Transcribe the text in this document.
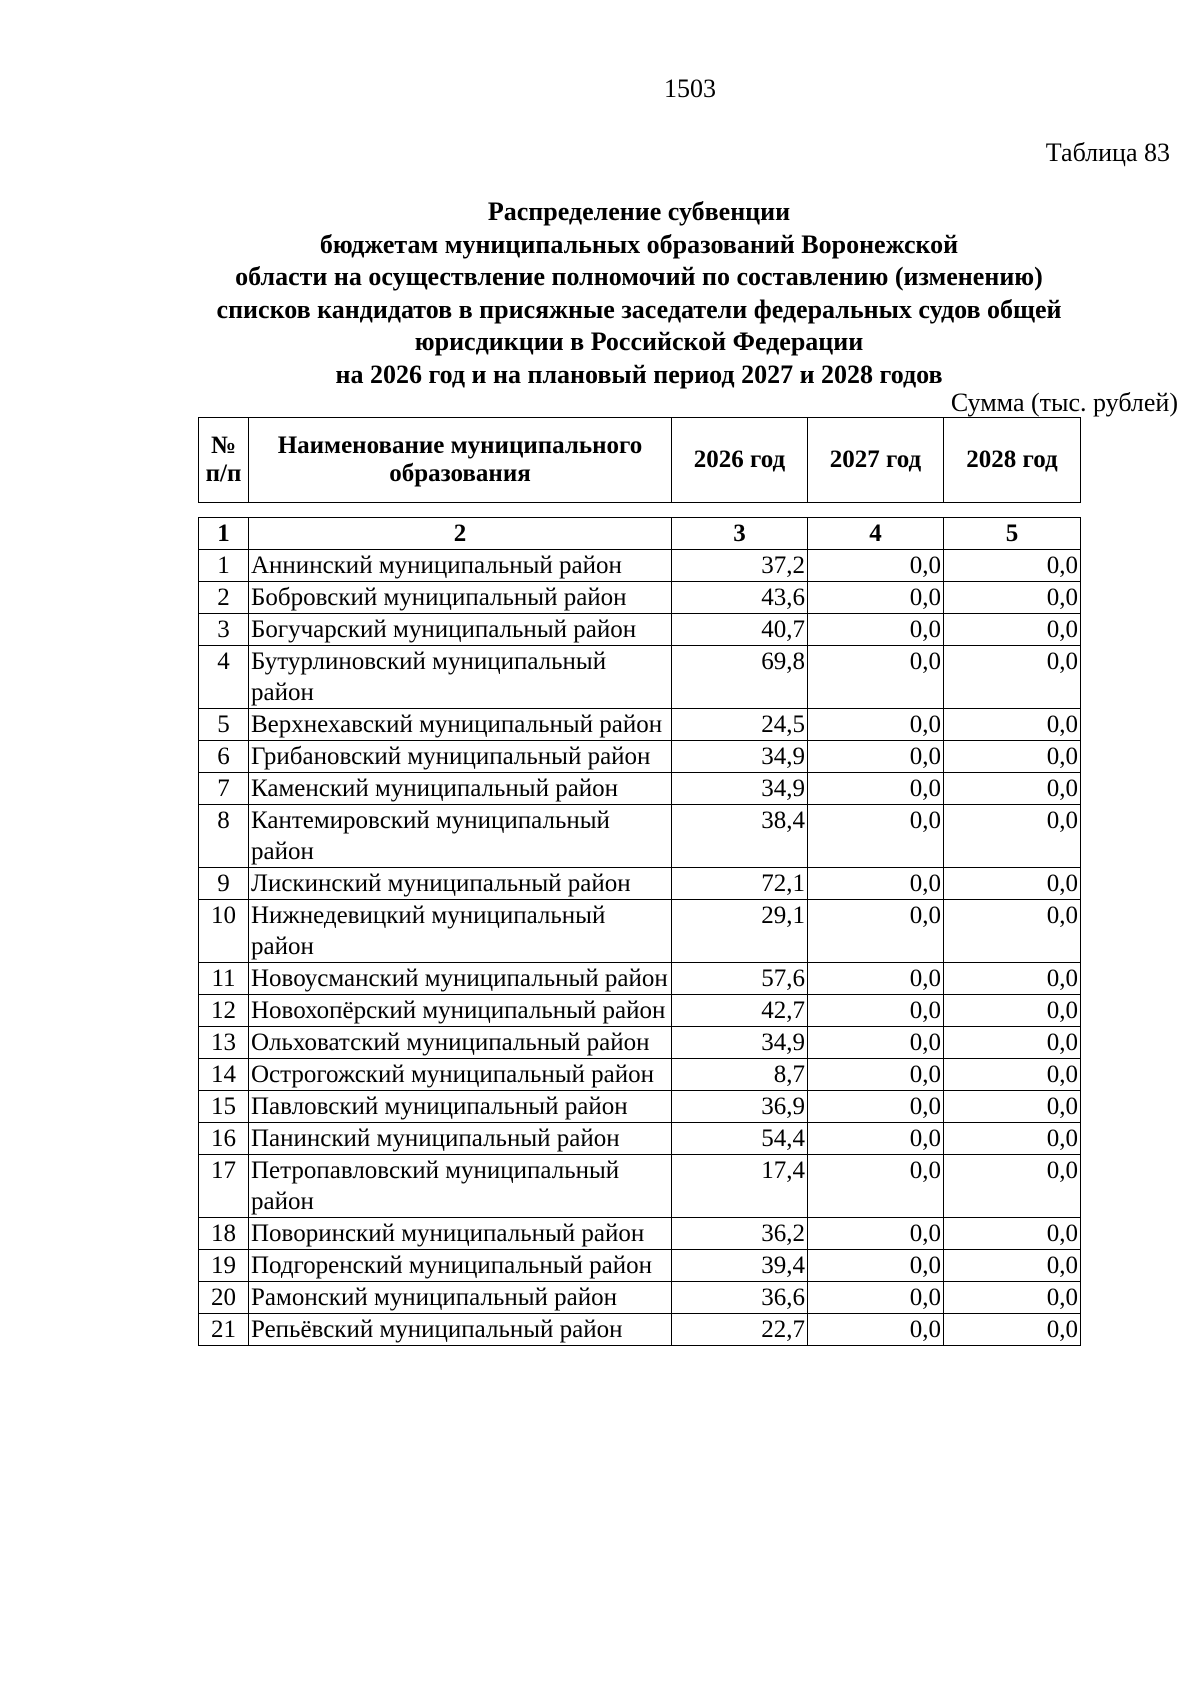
1503
Таблица 83
Распределение субвенции
бюджетам муниципальных образований Воронежской
области на осуществление полномочий по составлению (изменению)
списков кандидатов в присяжные заседатели федеральных судов общей
юрисдикции в Российской Федерации
на 2026 год и на плановый период 2027 и 2028 годов
Сумма (тыс. рублей)
№ п/п	Наименование муниципального образования	2026 год	2027 год	2028 год
1	2	3	4	5
1	Аннинский муниципальный район	37,2	0,0	0,0
2	Бобровский муниципальный район	43,6	0,0	0,0
3	Богучарский муниципальный район	40,7	0,0	0,0
4	Бутурлиновский муниципальный район	69,8	0,0	0,0
5	Верхнехавский муниципальный район	24,5	0,0	0,0
6	Грибановский муниципальный район	34,9	0,0	0,0
7	Каменский муниципальный район	34,9	0,0	0,0
8	Кантемировский муниципальный район	38,4	0,0	0,0
9	Лискинский муниципальный район	72,1	0,0	0,0
10	Нижнедевицкий муниципальный район	29,1	0,0	0,0
11	Новоусманский муниципальный район	57,6	0,0	0,0
12	Новохопёрский муниципальный район	42,7	0,0	0,0
13	Ольховатский муниципальный район	34,9	0,0	0,0
14	Острогожский муниципальный район	8,7	0,0	0,0
15	Павловский муниципальный район	36,9	0,0	0,0
16	Панинский муниципальный район	54,4	0,0	0,0
17	Петропавловский муниципальный район	17,4	0,0	0,0
18	Поворинский муниципальный район	36,2	0,0	0,0
19	Подгоренский муниципальный район	39,4	0,0	0,0
20	Рамонский муниципальный район	36,6	0,0	0,0
21	Репьёвский муниципальный район	22,7	0,0	0,0
